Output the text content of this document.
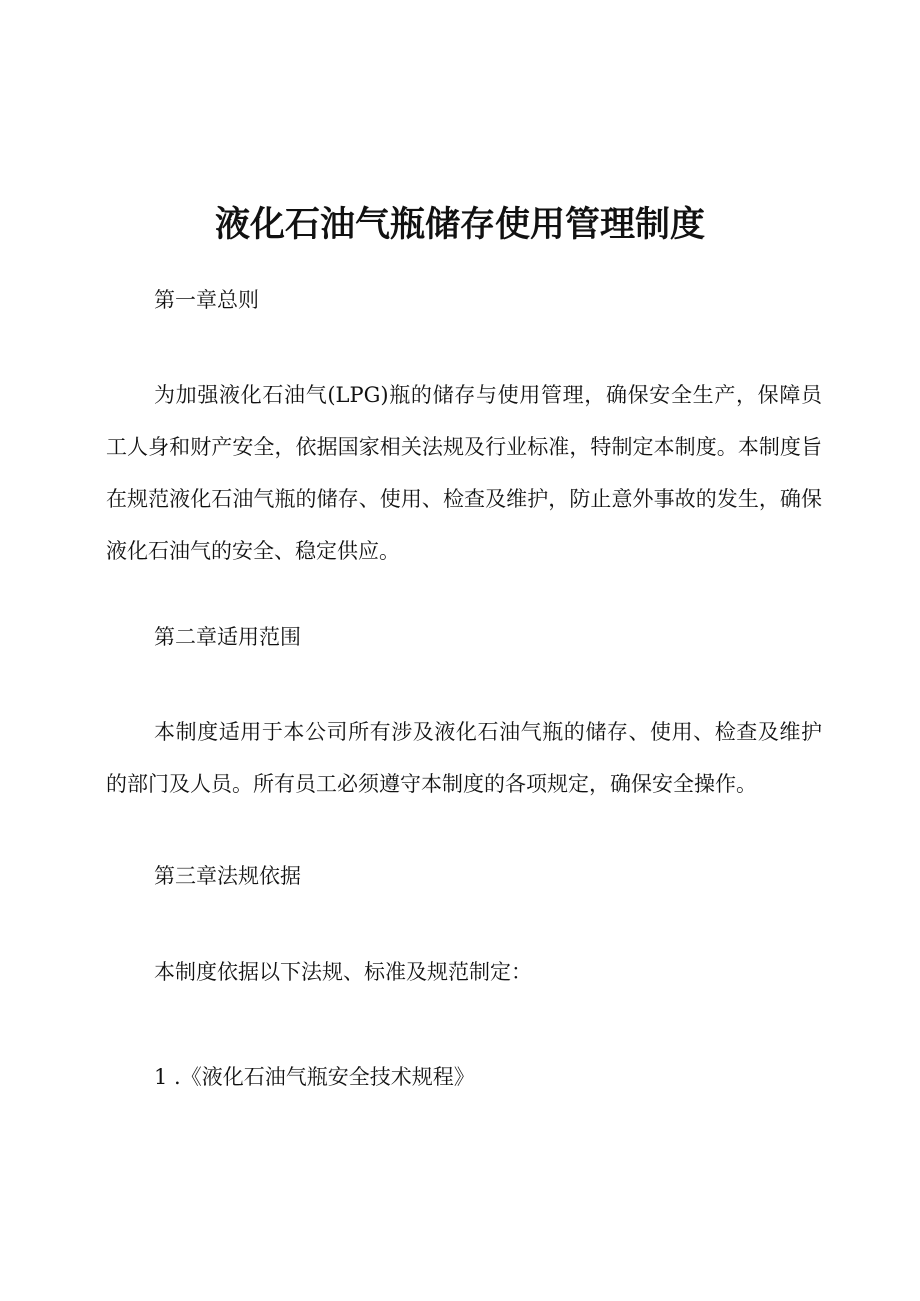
液化石油气瓶储存使用管理制度

第一章总则

为加强液化石油气(LPG)瓶的储存与使用管理，确保安全生产，保障员工人身和财产安全，依据国家相关法规及行业标准，特制定本制度。本制度旨在规范液化石油气瓶的储存、使用、检查及维护，防止意外事故的发生，确保液化石油气的安全、稳定供应。

第二章适用范围

本制度适用于本公司所有涉及液化石油气瓶的储存、使用、检查及维护的部门及人员。所有员工必须遵守本制度的各项规定，确保安全操作。

第三章法规依据

本制度依据以下法规、标准及规范制定：

1 .《液化石油气瓶安全技术规程》
